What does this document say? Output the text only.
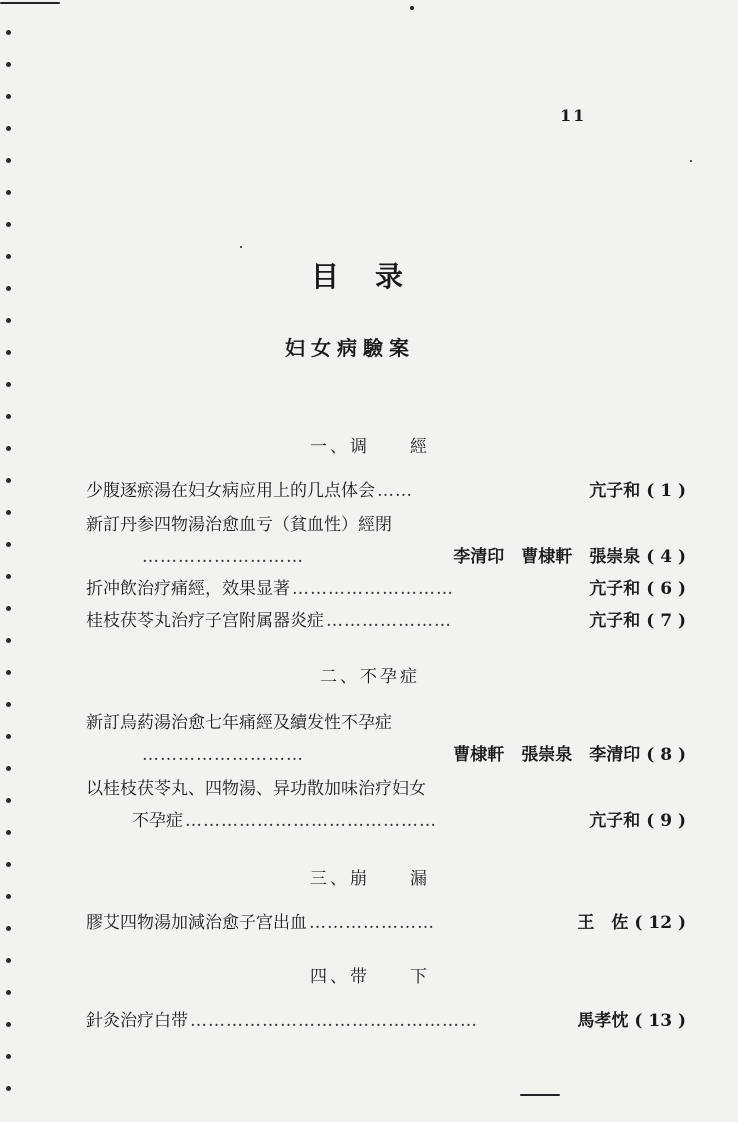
11
目录
妇女病驗案
一、调　　經
少腹逐瘀湯在妇女病应用上的几点体会 ……	亢子和 ( 1 )
新訂丹参四物湯治愈血亏（貧血性）經閉
………………………	李清印　曹棣軒　張崇泉 ( 4 )
折冲飲治疗痛經，效果显著 ………………………	亢子和 ( 6 )
桂枝茯苓丸治疗子宫附属器炎症 …………………	亢子和 ( 7 )
二、不孕症
新訂烏葯湯治愈七年痛經及續发性不孕症
………………………	曹棣軒　張崇泉　李清印 ( 8 )
以桂枝茯苓丸、四物湯、异功散加味治疗妇女
不孕症 ……………………………………	亢子和 ( 9 )
三、崩　　漏
膠艾四物湯加減治愈子宫出血 …………………	王　佐 ( 12 )
四、带　　下
針灸治疗白带 …………………………………………	馬孝忱 ( 13 )
